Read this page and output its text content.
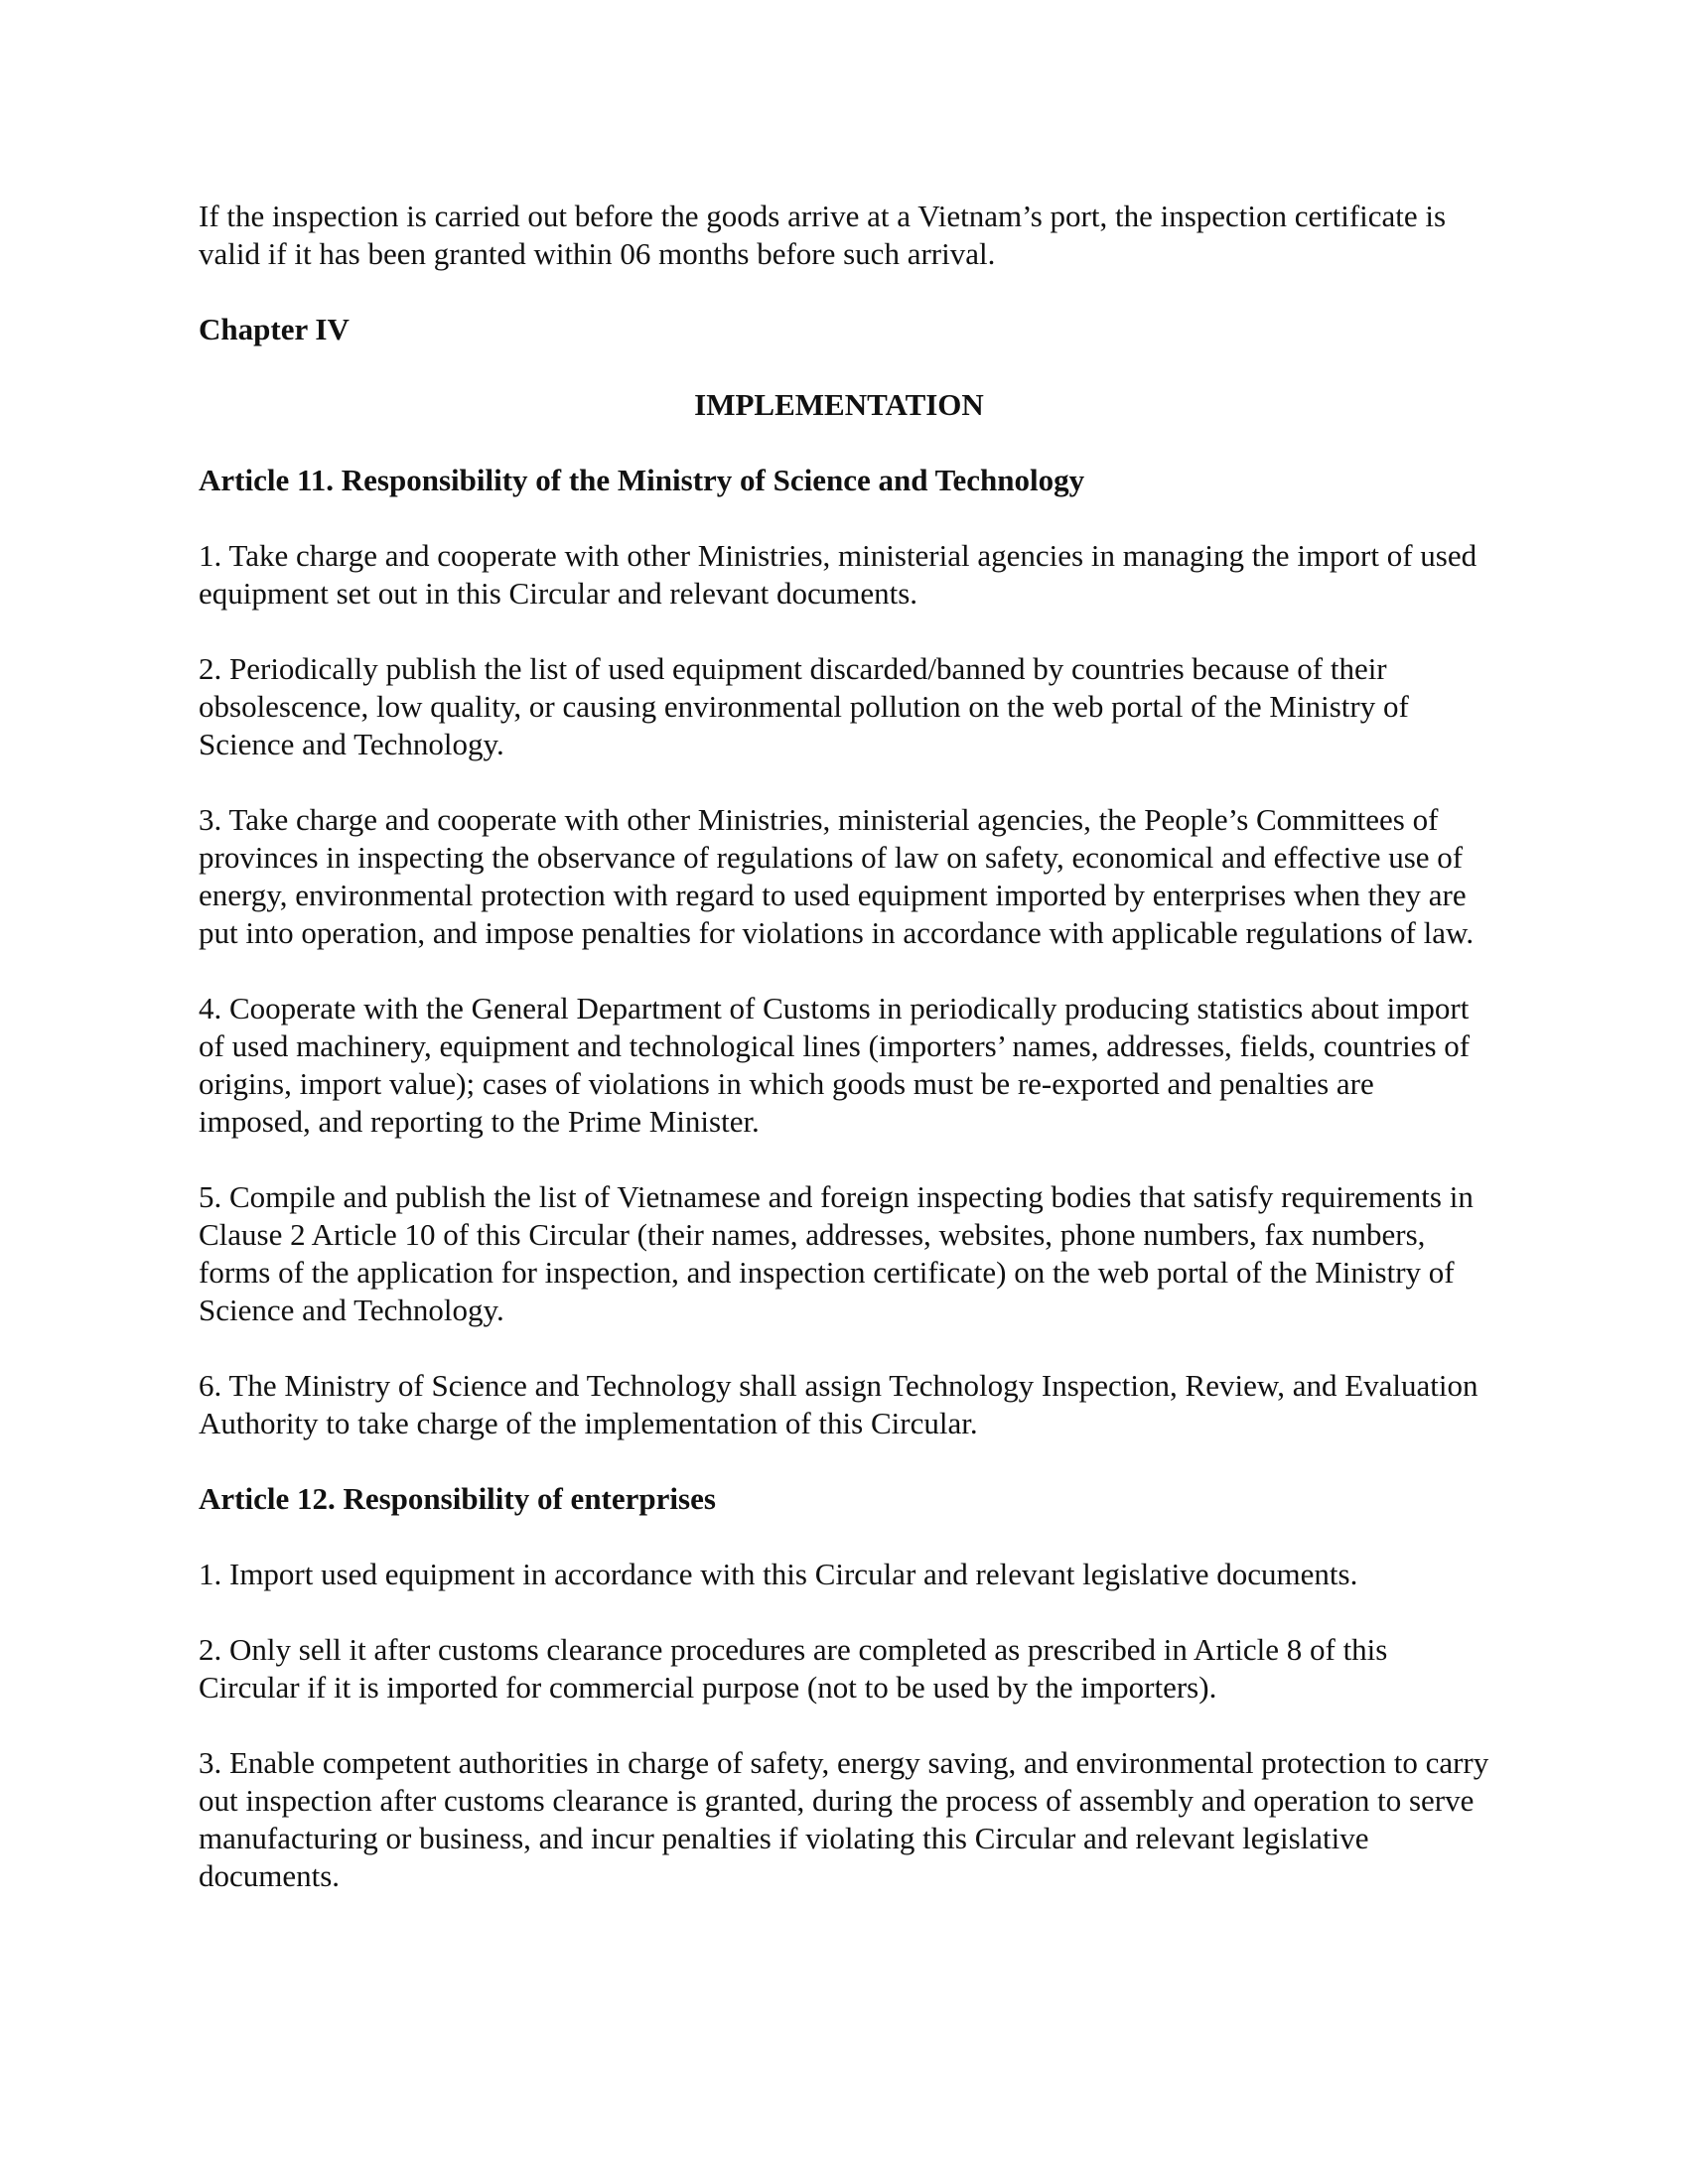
If the inspection is carried out before the goods arrive at a Vietnam’s port, the inspection certificate is valid if it has been granted within 06 months before such arrival.

Chapter IV

IMPLEMENTATION

Article 11. Responsibility of the Ministry of Science and Technology

1. Take charge and cooperate with other Ministries, ministerial agencies in managing the import of used equipment set out in this Circular and relevant documents.

2. Periodically publish the list of used equipment discarded/banned by countries because of their obsolescence, low quality, or causing environmental pollution on the web portal of the Ministry of Science and Technology.

3. Take charge and cooperate with other Ministries, ministerial agencies, the People’s Committees of provinces in inspecting the observance of regulations of law on safety, economical and effective use of energy, environmental protection with regard to used equipment imported by enterprises when they are put into operation, and impose penalties for violations in accordance with applicable regulations of law.

4. Cooperate with the General Department of Customs in periodically producing statistics about import of used machinery, equipment and technological lines (importers’ names, addresses, fields, countries of origins, import value); cases of violations in which goods must be re-exported and penalties are imposed, and reporting to the Prime Minister.

5. Compile and publish the list of Vietnamese and foreign inspecting bodies that satisfy requirements in Clause 2 Article 10 of this Circular (their names, addresses, websites, phone numbers, fax numbers, forms of the application for inspection, and inspection certificate) on the web portal of the Ministry of Science and Technology.

6. The Ministry of Science and Technology shall assign Technology Inspection, Review, and Evaluation Authority to take charge of the implementation of this Circular.

Article 12. Responsibility of enterprises

1. Import used equipment in accordance with this Circular and relevant legislative documents.

2. Only sell it after customs clearance procedures are completed as prescribed in Article 8 of this Circular if it is imported for commercial purpose (not to be used by the importers).

3. Enable competent authorities in charge of safety, energy saving, and environmental protection to carry out inspection after customs clearance is granted, during the process of assembly and operation to serve manufacturing or business, and incur penalties if violating this Circular and relevant legislative documents.
